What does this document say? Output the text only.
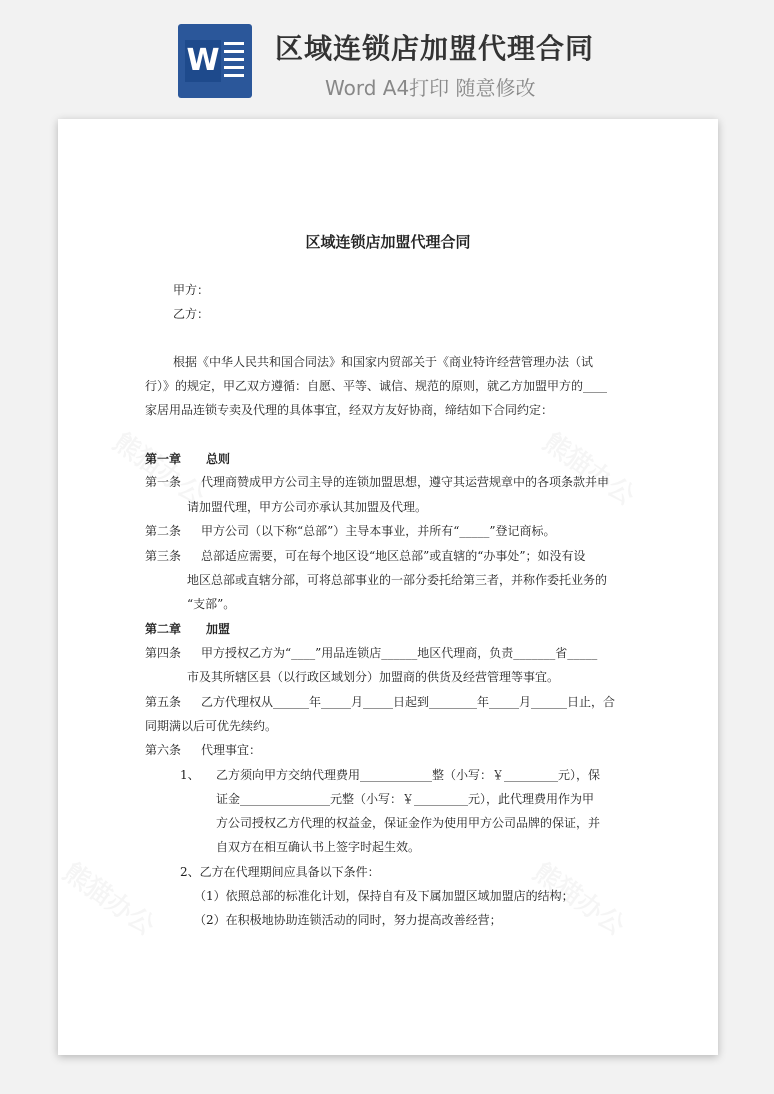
W 区域连锁店加盟代理合同
Word A4打印 随意修改
区域连锁店加盟代理合同
甲方：
乙方：
根据《中华人民共和国合同法》和国家内贸部关于《商业特许经营管理办法（试
行）》的规定，甲乙双方遵循：自愿、平等、诚信、规范的原则，就乙方加盟甲方的____
家居用品连锁专卖及代理的具体事宜，经双方友好协商，缔结如下合同约定：
第一章 总则
第一条 代理商赞成甲方公司主导的连锁加盟思想，遵守其运营规章中的各项条款并申
请加盟代理，甲方公司亦承认其加盟及代理。
第二条 甲方公司（以下称“总部”）主导本事业，并所有“_____”登记商标。
第三条 总部适应需要，可在每个地区设“地区总部”或直辖的“办事处”；如没有设
地区总部或直辖分部，可将总部事业的一部分委托给第三者，并称作委托业务的
“支部”。
第二章 加盟
第四条 甲方授权乙方为“____”用品连锁店______地区代理商，负责_______省_____
市及其所辖区县（以行政区域划分）加盟商的供货及经营管理等事宜。
第五条 乙方代理权从______年_____月_____日起到________年_____月______日止，合
同期满以后可优先续约。
第六条 代理事宜：
1、 乙方须向甲方交纳代理费用____________整（小写：￥_________元），保
证金_______________元整（小写：￥_________元），此代理费用作为甲
方公司授权乙方代理的权益金，保证金作为使用甲方公司品牌的保证，并
自双方在相互确认书上签字时起生效。
2、乙方在代理期间应具备以下条件：
（1）依照总部的标准化计划，保持自有及下属加盟区域加盟店的结构；
（2）在积极地协助连锁活动的同时，努力提高改善经营；
